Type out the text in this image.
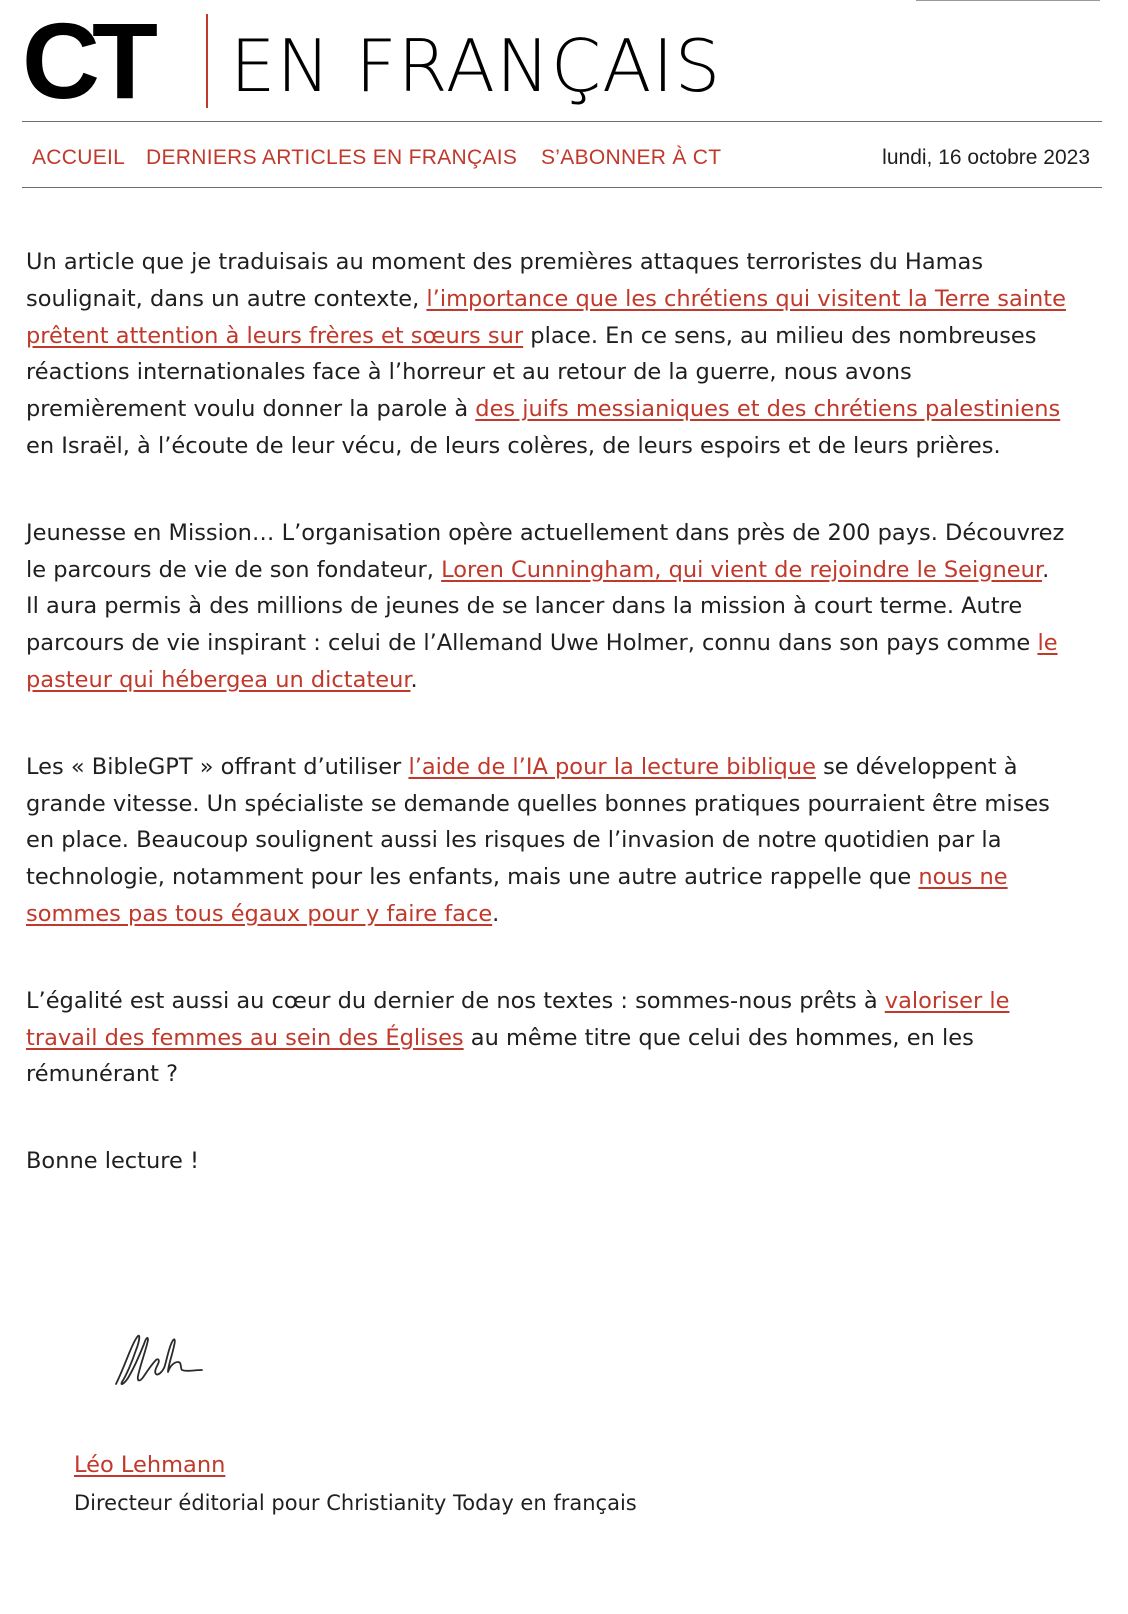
CT EN FRANÇAIS
ACCUEIL DERNIERS ARTICLES EN FRANÇAIS S’ABONNER À CT	lundi, 16 octobre 2023

Un article que je traduisais au moment des premières attaques terroristes du Hamas soulignait, dans un autre contexte, l’importance que les chrétiens qui visitent la Terre sainte prêtent attention à leurs frères et sœurs sur place. En ce sens, au milieu des nombreuses réactions internationales face à l’horreur et au retour de la guerre, nous avons premièrement voulu donner la parole à des juifs messianiques et des chrétiens palestiniens en Israël, à l’écoute de leur vécu, de leurs colères, de leurs espoirs et de leurs prières.

Jeunesse en Mission… L’organisation opère actuellement dans près de 200 pays. Découvrez le parcours de vie de son fondateur, Loren Cunningham, qui vient de rejoindre le Seigneur. Il aura permis à des millions de jeunes de se lancer dans la mission à court terme. Autre parcours de vie inspirant : celui de l’Allemand Uwe Holmer, connu dans son pays comme le pasteur qui hébergea un dictateur.

Les « BibleGPT » offrant d’utiliser l’aide de l’IA pour la lecture biblique se développent à grande vitesse. Un spécialiste se demande quelles bonnes pratiques pourraient être mises en place. Beaucoup soulignent aussi les risques de l’invasion de notre quotidien par la technologie, notamment pour les enfants, mais une autre autrice rappelle que nous ne sommes pas tous égaux pour y faire face.

L’égalité est aussi au cœur du dernier de nos textes : sommes-nous prêts à valoriser le travail des femmes au sein des Églises au même titre que celui des hommes, en les rémunérant ?

Bonne lecture !

Léo Lehmann
Directeur éditorial pour Christianity Today en français
